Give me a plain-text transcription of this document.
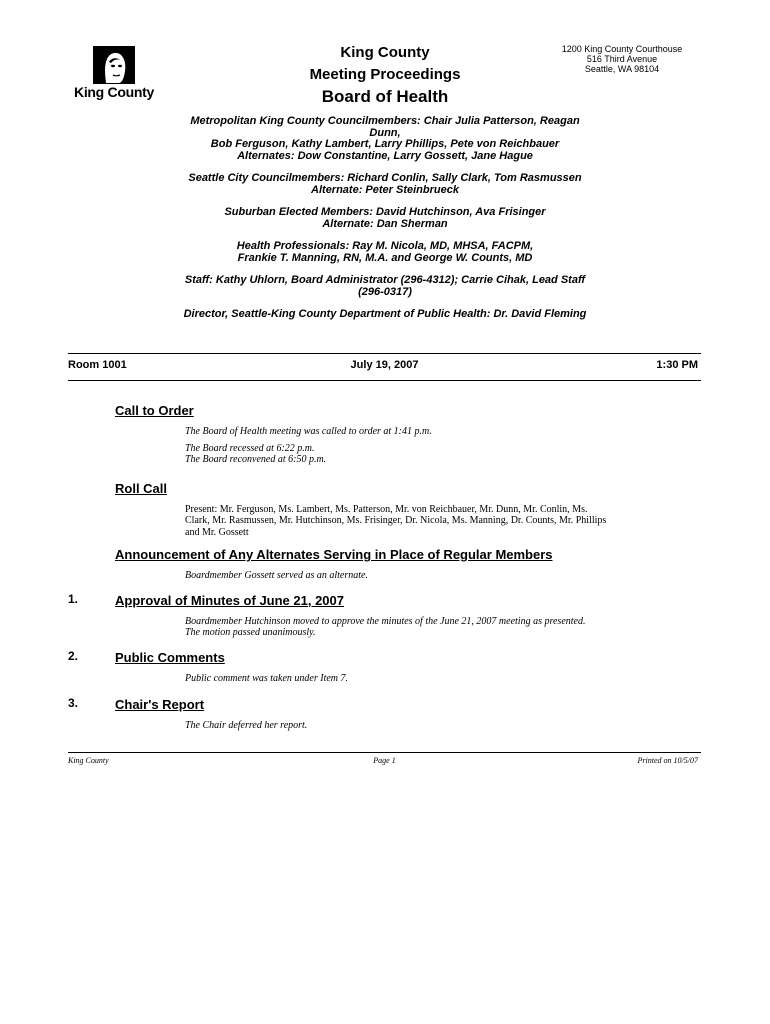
King County
King County
Meeting Proceedings
Board of Health
1200 King County Courthouse
516 Third Avenue
Seattle, WA 98104
Metropolitan King County Councilmembers: Chair Julia Patterson, Reagan
Dunn,
Bob Ferguson, Kathy Lambert, Larry Phillips, Pete von Reichbauer
Alternates: Dow Constantine, Larry Gossett, Jane Hague
Seattle City Councilmembers: Richard Conlin, Sally Clark, Tom Rasmussen
Alternate: Peter Steinbrueck
Suburban Elected Members: David Hutchinson, Ava Frisinger
Alternate: Dan Sherman
Health Professionals: Ray M. Nicola, MD, MHSA, FACPM,
Frankie T. Manning, RN, M.A. and George W. Counts, MD
Staff: Kathy Uhlorn, Board Administrator (296-4312); Carrie Cihak, Lead Staff
(296-0317)
Director, Seattle-King County Department of Public Health: Dr. David Fleming
Room 1001	July 19, 2007	1:30 PM
Call to Order

The Board of Health meeting was called to order at 1:41 p.m.

The Board recessed at 6:22 p.m.
The Board reconvened at 6:50 p.m.

Roll Call

Present: Mr. Ferguson, Ms. Lambert, Ms. Patterson, Mr. von Reichbauer, Mr. Dunn, Mr. Conlin, Ms.
Clark, Mr. Rasmussen, Mr. Hutchinson, Ms. Frisinger, Dr. Nicola, Ms. Manning, Dr. Counts, Mr. Phillips
and Mr. Gossett

Announcement of Any Alternates Serving in Place of Regular Members

Boardmember Gossett served as an alternate.

1.	Approval of Minutes of June 21, 2007

Boardmember Hutchinson moved to approve the minutes of the June 21, 2007 meeting as presented.
The motion passed unanimously.

2.	Public Comments

Public comment was taken under Item 7.

3.	Chair's Report

The Chair deferred her report.

King County	Page 1	Printed on 10/5/07
